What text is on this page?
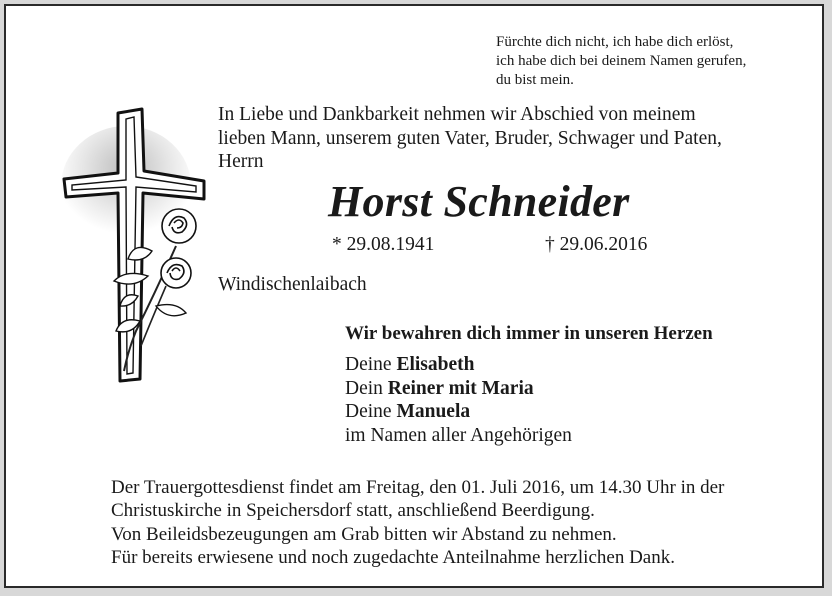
Fürchte dich nicht, ich habe dich erlöst,
ich habe dich bei deinem Namen gerufen,
du bist mein.
In Liebe und Dankbarkeit nehmen wir Abschied von meinem
lieben Mann, unserem guten Vater, Bruder, Schwager und Paten,
Herrn
Horst Schneider
* 29.08.1941	† 29.06.2016
Windischenlaibach
Wir bewahren dich immer in unseren Herzen
Deine Elisabeth
Dein Reiner mit Maria
Deine Manuela
im Namen aller Angehörigen
Der Trauergottesdienst findet am Freitag, den 01. Juli 2016, um 14.30 Uhr in der
Christuskirche in Speichersdorf statt, anschließend Beerdigung.
Von Beileidsbezeugungen am Grab bitten wir Abstand zu nehmen.
Für bereits erwiesene und noch zugedachte Anteilnahme herzlichen Dank.
